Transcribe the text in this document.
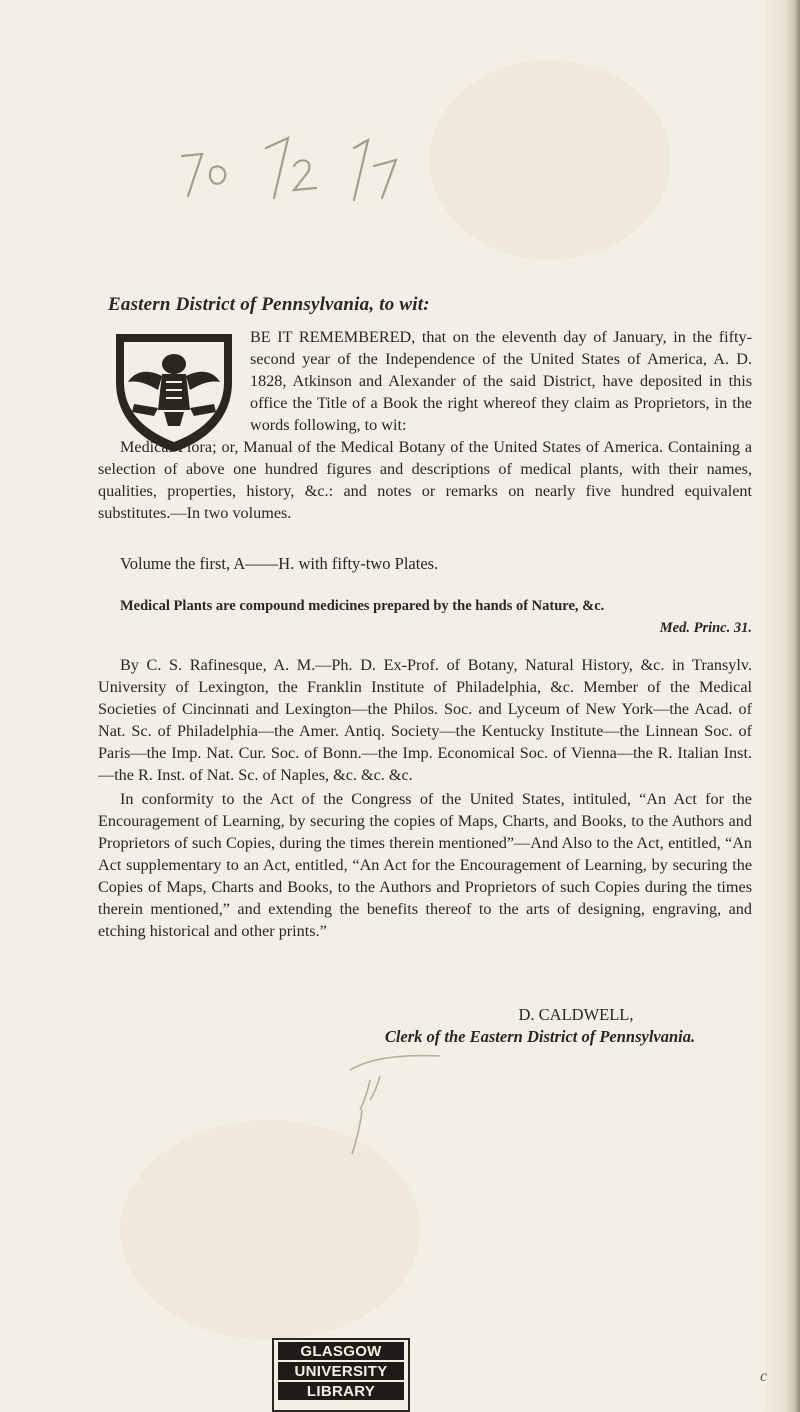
Eastern District of Pennsylvania, to wit:

BE IT REMEMBERED, that on the eleventh day of January, in the fifty-second year of the Independence of the United States of America, A. D. 1828, Atkinson and Alexander of the said District, have deposited in this office the Title of a Book the right whereof they claim as Proprietors, in the words following, to wit:

Medical Flora; or, Manual of the Medical Botany of the United States of America. Containing a selection of above one hundred figures and descriptions of medical plants, with their names, qualities, properties, history, &c.: and notes or remarks on nearly five hundred equivalent substitutes.—In two volumes.

Volume the first, A——H. with fifty-two Plates.

Medical Plants are compound medicines prepared by the hands of Nature, &c.

Med. Princ. 31.

By C. S. Rafinesque, A. M.—Ph. D. Ex-Prof. of Botany, Natural History, &c. in Transylv. University of Lexington, the Franklin Institute of Philadelphia, &c. Member of the Medical Societies of Cincinnati and Lexington—the Philos. Soc. and Lyceum of New York—the Acad. of Nat. Sc. of Philadelphia—the Amer. Antiq. Society—the Kentucky Institute—the Linnean Soc. of Paris—the Imp. Nat. Cur. Soc. of Bonn.—the Imp. Economical Soc. of Vienna—the R. Italian Inst.—the R. Inst. of Nat. Sc. of Naples, &c. &c. &c.

In conformity to the Act of the Congress of the United States, intituled, “An Act for the Encouragement of Learning, by securing the copies of Maps, Charts, and Books, to the Authors and Proprietors of such Copies, during the times therein mentioned”—And Also to the Act, entitled, “An Act supplementary to an Act, entitled, “An Act for the Encouragement of Learning, by securing the Copies of Maps, Charts and Books, to the Authors and Proprietors of such Copies during the times therein mentioned,” and extending the benefits thereof to the arts of designing, engraving, and etching historical and other prints.”

D. CALDWELL,

Clerk of the Eastern District of Pennsylvania.

GLASGOW
UNIVERSITY
LIBRARY
c
